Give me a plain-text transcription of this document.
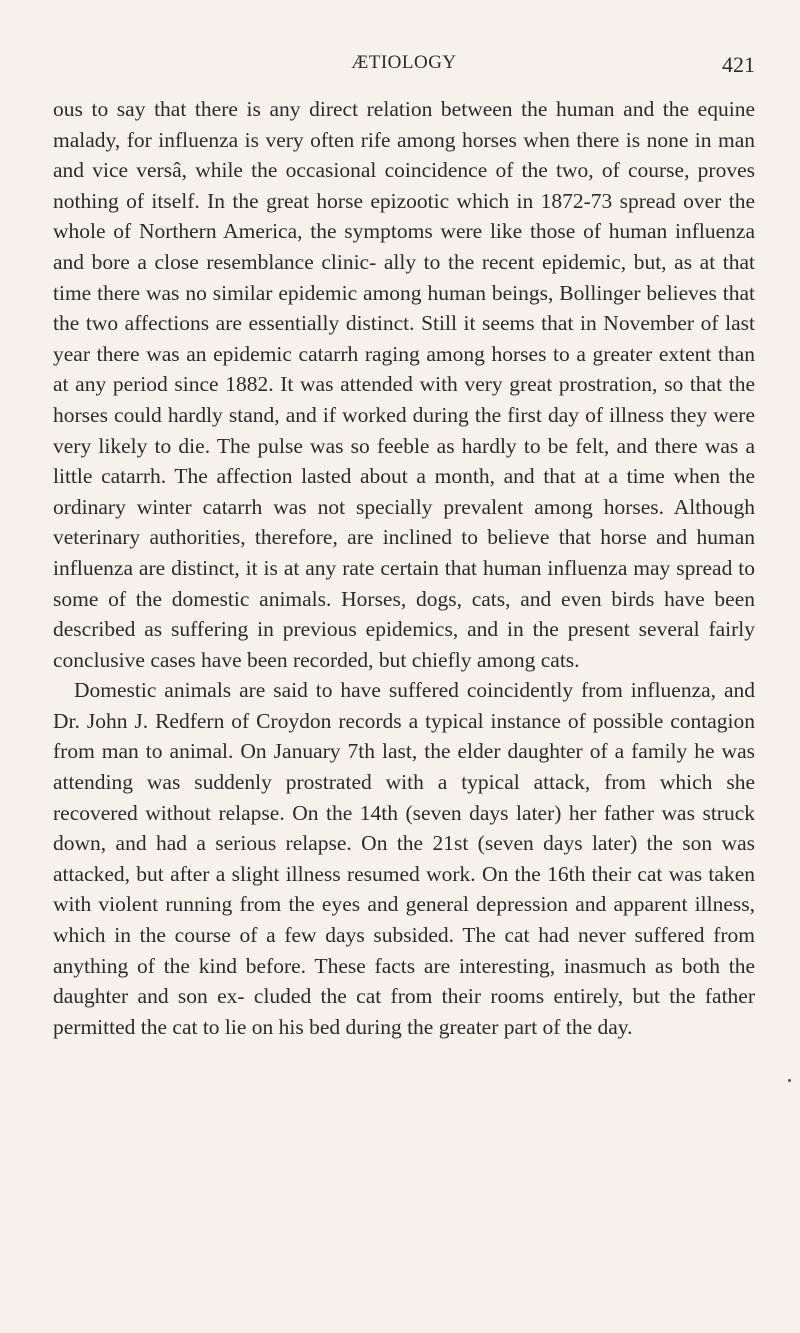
ÆTIOLOGY	421

ous to say that there is any direct relation between the human and the equine malady, for influenza is very often rife among horses when there is none in man and vice versâ, while the occasional coincidence of the two, of course, proves nothing of itself. In the great horse epizootic which in 1872-73 spread over the whole of Northern America, the symptoms were like those of human influenza and bore a close resemblance clinic- ally to the recent epidemic, but, as at that time there was no similar epidemic among human beings, Bollinger believes that the two affections are essentially distinct. Still it seems that in November of last year there was an epidemic catarrh raging among horses to a greater extent than at any period since 1882. It was attended with very great prostration, so that the horses could hardly stand, and if worked during the first day of illness they were very likely to die. The pulse was so feeble as hardly to be felt, and there was a little catarrh. The affection lasted about a month, and that at a time when the ordinary winter catarrh was not specially prevalent among horses. Although veterinary authorities, therefore, are inclined to believe that horse and human influenza are distinct, it is at any rate certain that human influenza may spread to some of the domestic animals. Horses, dogs, cats, and even birds have been described as suffering in previous epidemics, and in the present several fairly conclusive cases have been recorded, but chiefly among cats.

Domestic animals are said to have suffered coincidently from influenza, and Dr. John J. Redfern of Croydon records a typical instance of possible contagion from man to animal. On January 7th last, the elder daughter of a family he was attending was suddenly prostrated with a typical attack, from which she recovered without relapse. On the 14th (seven days later) her father was struck down, and had a serious relapse. On the 21st (seven days later) the son was attacked, but after a slight illness resumed work. On the 16th their cat was taken with violent running from the eyes and general depression and apparent illness, which in the course of a few days subsided. The cat had never suffered from anything of the kind before. These facts are interesting, inasmuch as both the daughter and son ex- cluded the cat from their rooms entirely, but the father permitted the cat to lie on his bed during the greater part of the day.
